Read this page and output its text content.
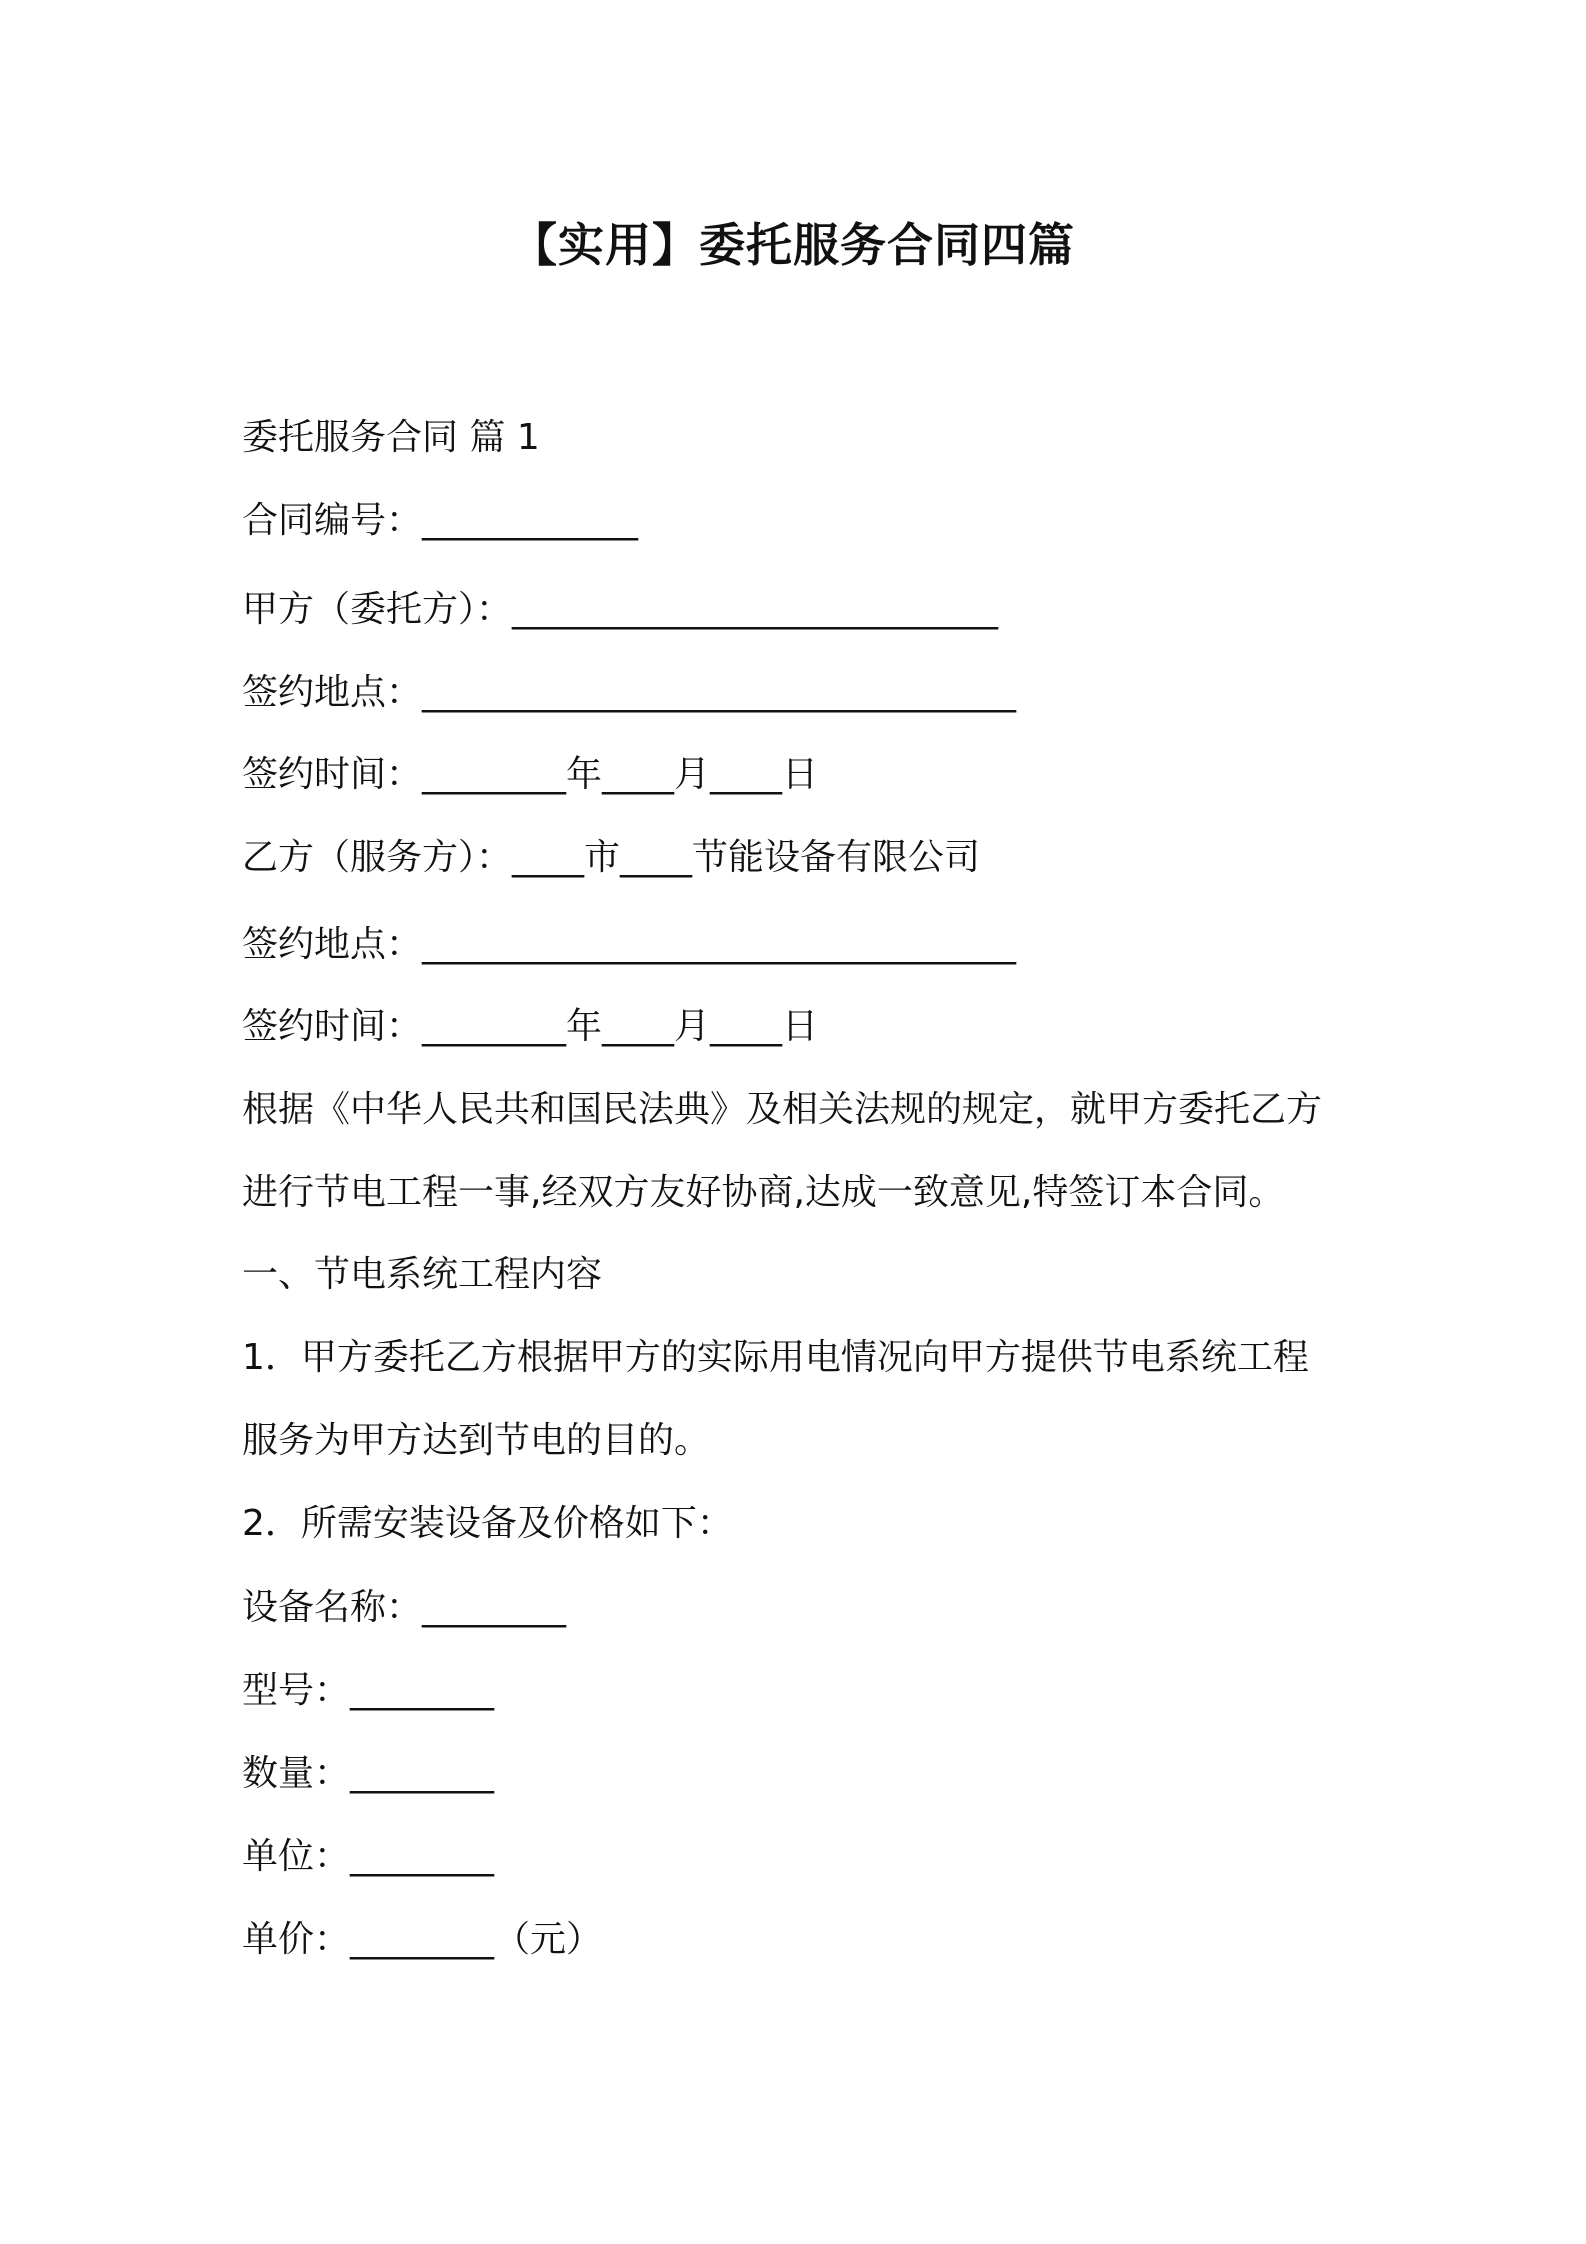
【实用】委托服务合同四篇
委托服务合同 篇 1
合同编号：____________
甲方（委托方）：___________________________
签约地点：_________________________________
签约时间：________年____月____日
乙方（服务方）：____市____节能设备有限公司
签约地点：_________________________________
签约时间：________年____月____日
根据《中华人民共和国民法典》及相关法规的规定，就甲方委托乙方
进行节电工程一事,经双方友好协商,达成一致意见,特签订本合同。
一、节电系统工程内容
1．甲方委托乙方根据甲方的实际用电情况向甲方提供节电系统工程
服务为甲方达到节电的目的。
2．所需安装设备及价格如下：
设备名称：________
型号：________
数量：________
单位：________
单价：________（元）
